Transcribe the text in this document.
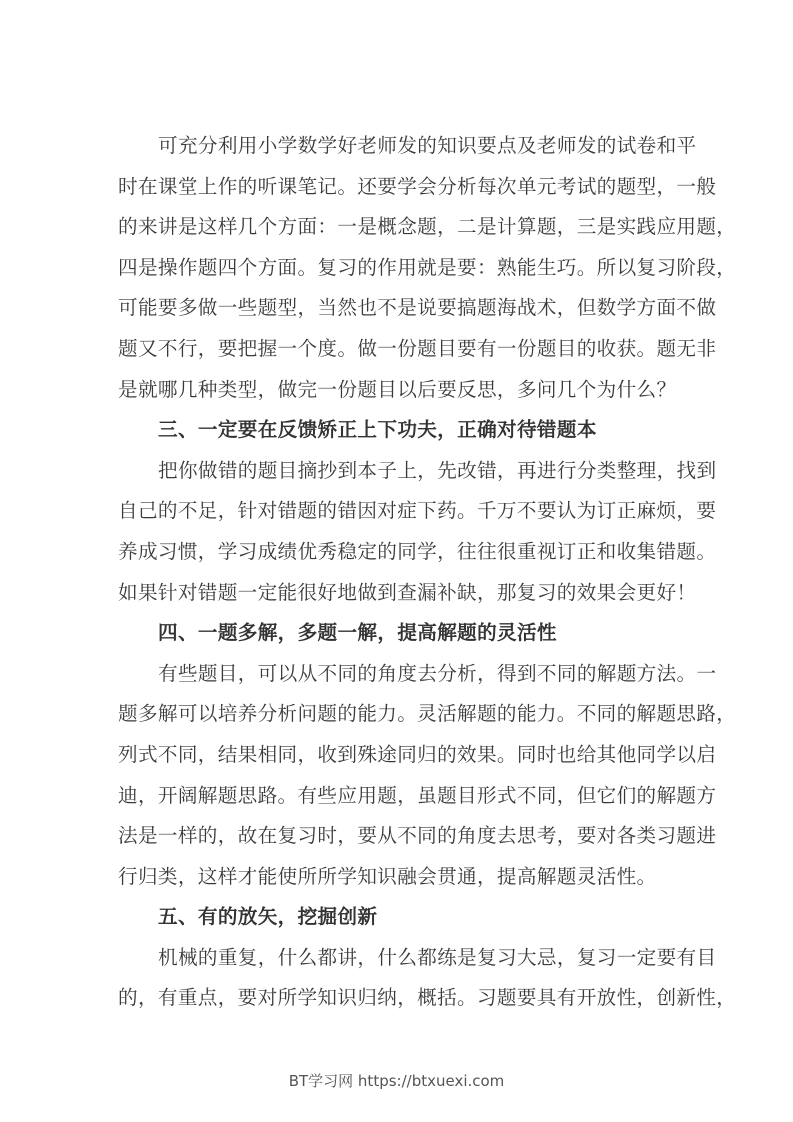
可充分利用小学数学好老师发的知识要点及老师发的试卷和平
时在课堂上作的听课笔记。还要学会分析每次单元考试的题型，一般
的来讲是这样几个方面：一是概念题，二是计算题，三是实践应用题，
四是操作题四个方面。复习的作用就是要：熟能生巧。所以复习阶段，
可能要多做一些题型，当然也不是说要搞题海战术，但数学方面不做
题又不行，要把握一个度。做一份题目要有一份题目的收获。题无非
是就哪几种类型，做完一份题目以后要反思，多问几个为什么？
三、一定要在反馈矫正上下功夫，正确对待错题本
把你做错的题目摘抄到本子上，先改错，再进行分类整理，找到
自己的不足，针对错题的错因对症下药。千万不要认为订正麻烦，要
养成习惯，学习成绩优秀稳定的同学，往往很重视订正和收集错题。
如果针对错题一定能很好地做到查漏补缺，那复习的效果会更好！
四、一题多解，多题一解，提高解题的灵活性
有些题目，可以从不同的角度去分析，得到不同的解题方法。一
题多解可以培养分析问题的能力。灵活解题的能力。不同的解题思路，
列式不同，结果相同，收到殊途同归的效果。同时也给其他同学以启
迪，开阔解题思路。有些应用题，虽题目形式不同，但它们的解题方
法是一样的，故在复习时，要从不同的角度去思考，要对各类习题进
行归类，这样才能使所所学知识融会贯通，提高解题灵活性。
五、有的放矢，挖掘创新
机械的重复，什么都讲，什么都练是复习大忌，复习一定要有目
的，有重点，要对所学知识归纳，概括。习题要具有开放性，创新性，
BT学习网 https://btxuexi.com
